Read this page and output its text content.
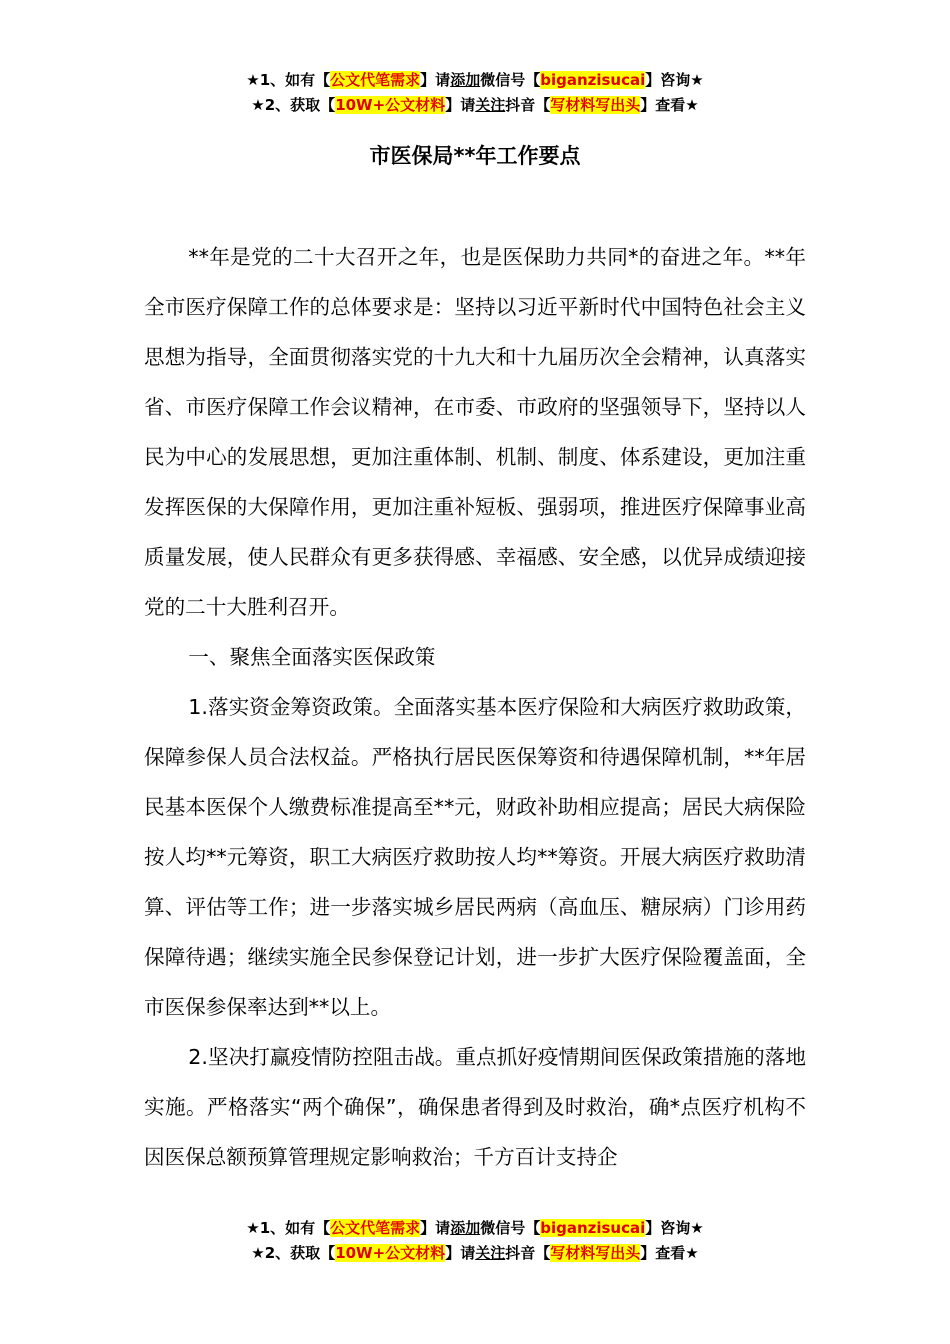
★1、如有【公文代笔需求】请添加微信号【biganzisucai】咨询★
★2、获取【10W+公文材料】请关注抖音【写材料写出头】查看★
市医保局**年工作要点

**年是党的二十大召开之年，也是医保助力共同*的奋进之年。**年全市医疗保障工作的总体要求是：坚持以习近平新时代中国特色社会主义思想为指导，全面贯彻落实党的十九大和十九届历次全会精神，认真落实省、市医疗保障工作会议精神，在市委、市政府的坚强领导下，坚持以人民为中心的发展思想，更加注重体制、机制、制度、体系建设，更加注重发挥医保的大保障作用，更加注重补短板、强弱项，推进医疗保障事业高质量发展，使人民群众有更多获得感、幸福感、安全感，以优异成绩迎接党的二十大胜利召开。

一、聚焦全面落实医保政策

1.落实资金筹资政策。全面落实基本医疗保险和大病医疗救助政策，保障参保人员合法权益。严格执行居民医保筹资和待遇保障机制，**年居民基本医保个人缴费标准提高至**元，财政补助相应提高；居民大病保险按人均**元筹资，职工大病医疗救助按人均**筹资。开展大病医疗救助清算、评估等工作；进一步落实城乡居民两病（高血压、糖尿病）门诊用药保障待遇；继续实施全民参保登记计划，进一步扩大医疗保险覆盖面，全市医保参保率达到**以上。

2.坚决打赢疫情防控阻击战。重点抓好疫情期间医保政策措施的落地实施。严格落实“两个确保”，确保患者得到及时救治，确*点医疗机构不因医保总额预算管理规定影响救治；千方百计支持企

★1、如有【公文代笔需求】请添加微信号【biganzisucai】咨询★
★2、获取【10W+公文材料】请关注抖音【写材料写出头】查看★
